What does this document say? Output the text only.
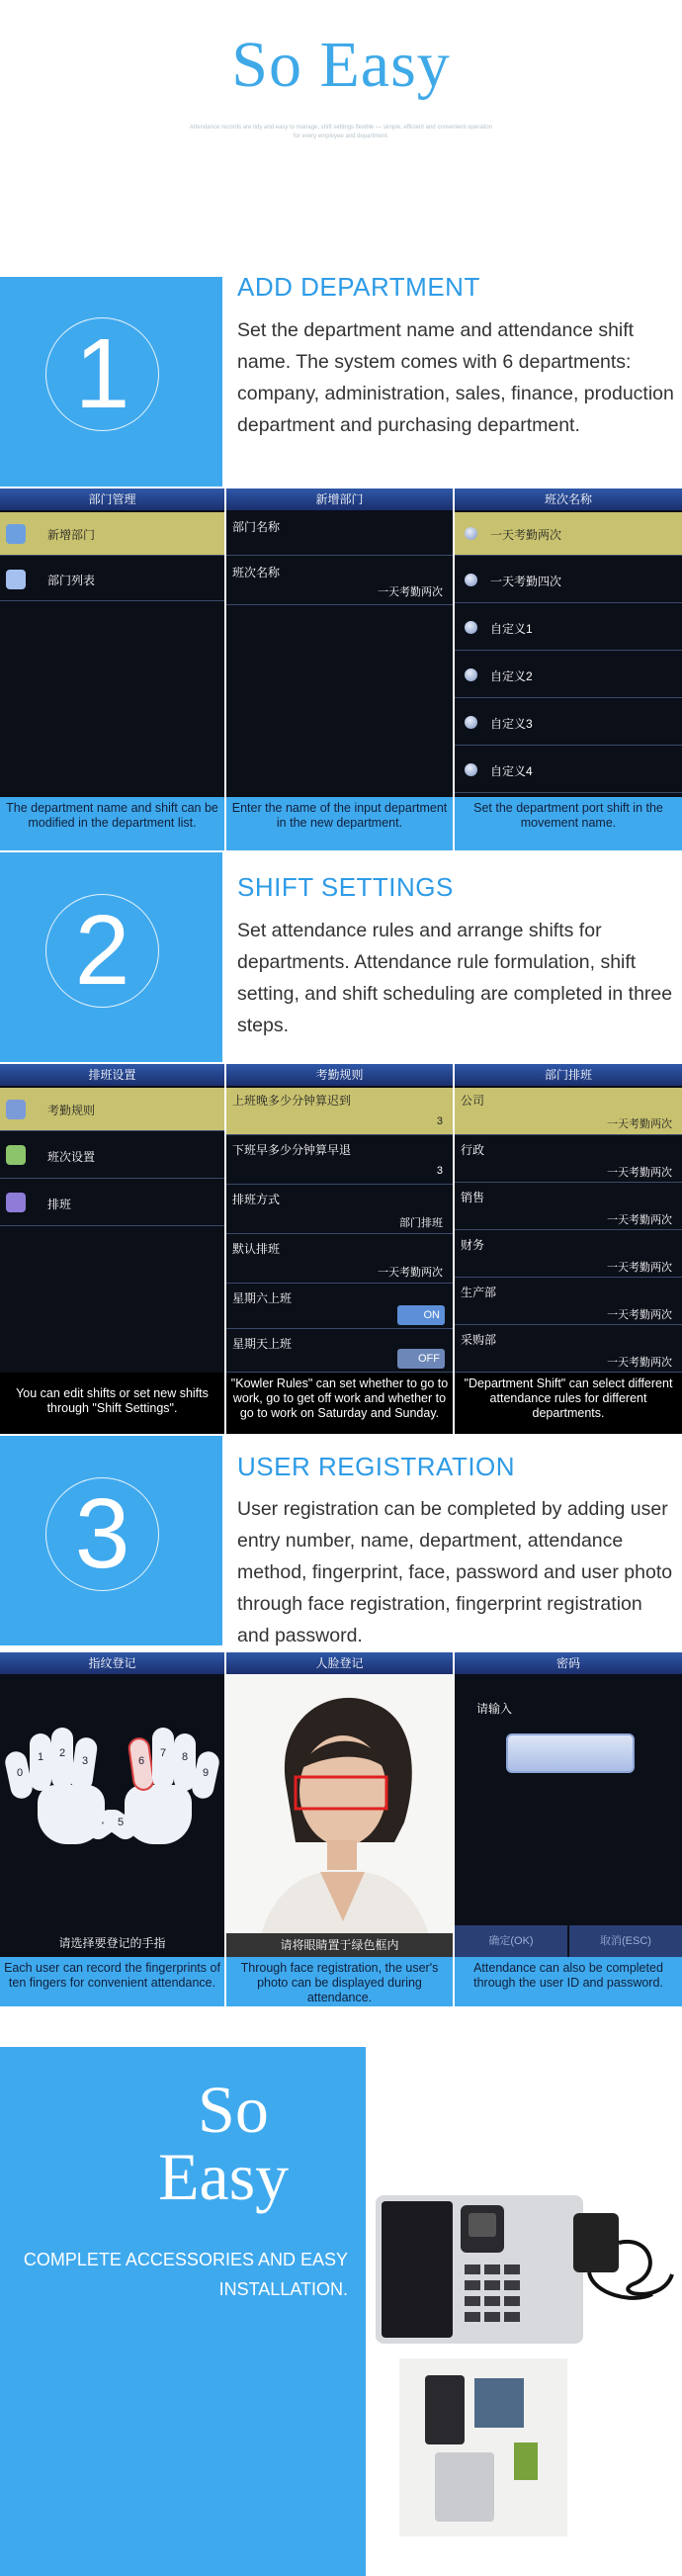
So Easy
Attendance records are tidy and easy to manage, shift settings flexible — simple, efficient and convenient operation for every employee and department.
1
ADD DEPARTMENT
Set the department name and attendance shift name. The system comes with 6 departments: company, administration, sales, finance, production department and purchasing department.
部门管理
新增部门
部门列表
新增部门
部门名称
班次名称
一天考勤两次
班次名称
一天考勤两次
一天考勤四次
自定义1
自定义2
自定义3
自定义4
The department name and shift can be modified in the department list.
Enter the name of the input department in the new department.
Set the department port shift in the movement name.
2
SHIFT SETTINGS
Set attendance rules and arrange shifts for departments. Attendance rule formulation, shift setting, and shift scheduling are completed in three steps.
排班设置
考勤规则
班次设置
排班
考勤规则
上班晚多少分钟算迟到
3
下班早多少分钟算早退
3
排班方式
部门排班
默认排班
一天考勤两次
星期六上班
ON
星期天上班
OFF
部门排班
公司
一天考勤两次
行政
一天考勤两次
销售
一天考勤两次
财务
一天考勤两次
生产部
一天考勤两次
采购部
一天考勤两次
You can edit shifts or set new shifts through "Shift Settings".
"Kowler Rules" can set whether to go to work, go to get off work and whether to go to work on Saturday and Sunday.
"Department Shift" can select different attendance rules for different departments.
3
USER REGISTRATION
User registration can be completed by adding user entry number, name, department, attendance method, fingerprint, face, password and user photo through face registration, fingerprint registration and password.
指纹登记
0
1	2
3
5
6
7	8
9
请选择要登记的手指
人脸登记
请将眼睛置于绿色框内
密码
请输入
确定(OK)	取消(ESC)
Each user can record the fingerprints of ten fingers for convenient attendance.
Through face registration, the user's photo can be displayed during attendance.
Attendance can also be completed through the user ID and password.
So
Easy
COMPLETE ACCESSORIES AND EASY INSTALLATION.
